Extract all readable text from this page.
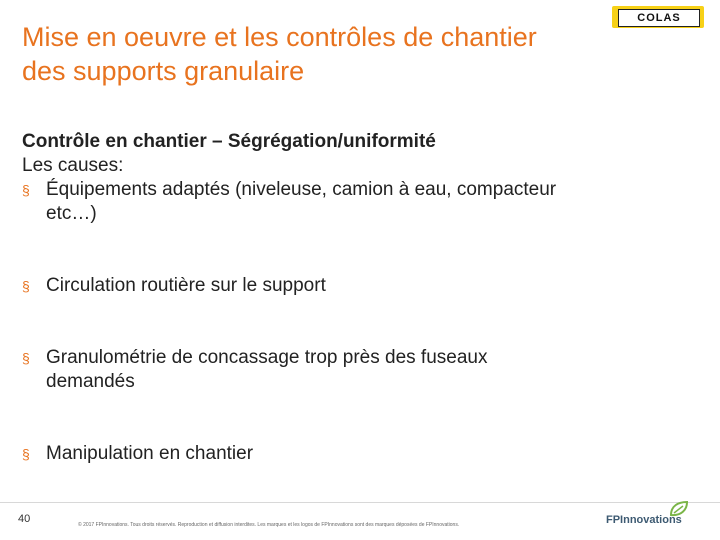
Mise en oeuvre et les contrôles de chantier
des supports granulaire
COLAS
Contrôle en chantier – Ségrégation/uniformité
Les causes:
§ Équipements adaptés (niveleuse, camion à eau, compacteur
etc…)
§ Circulation routière sur le support
§ Granulométrie de concassage trop près des fuseaux
demandés
§ Manipulation en chantier
40	© 2017 FPInnovations. Tous droits réservés. Reproduction et diffusion interdites. Les marques et les logos de FPInnovations sont des marques déposées de FPInnovations.	FPInnovations
